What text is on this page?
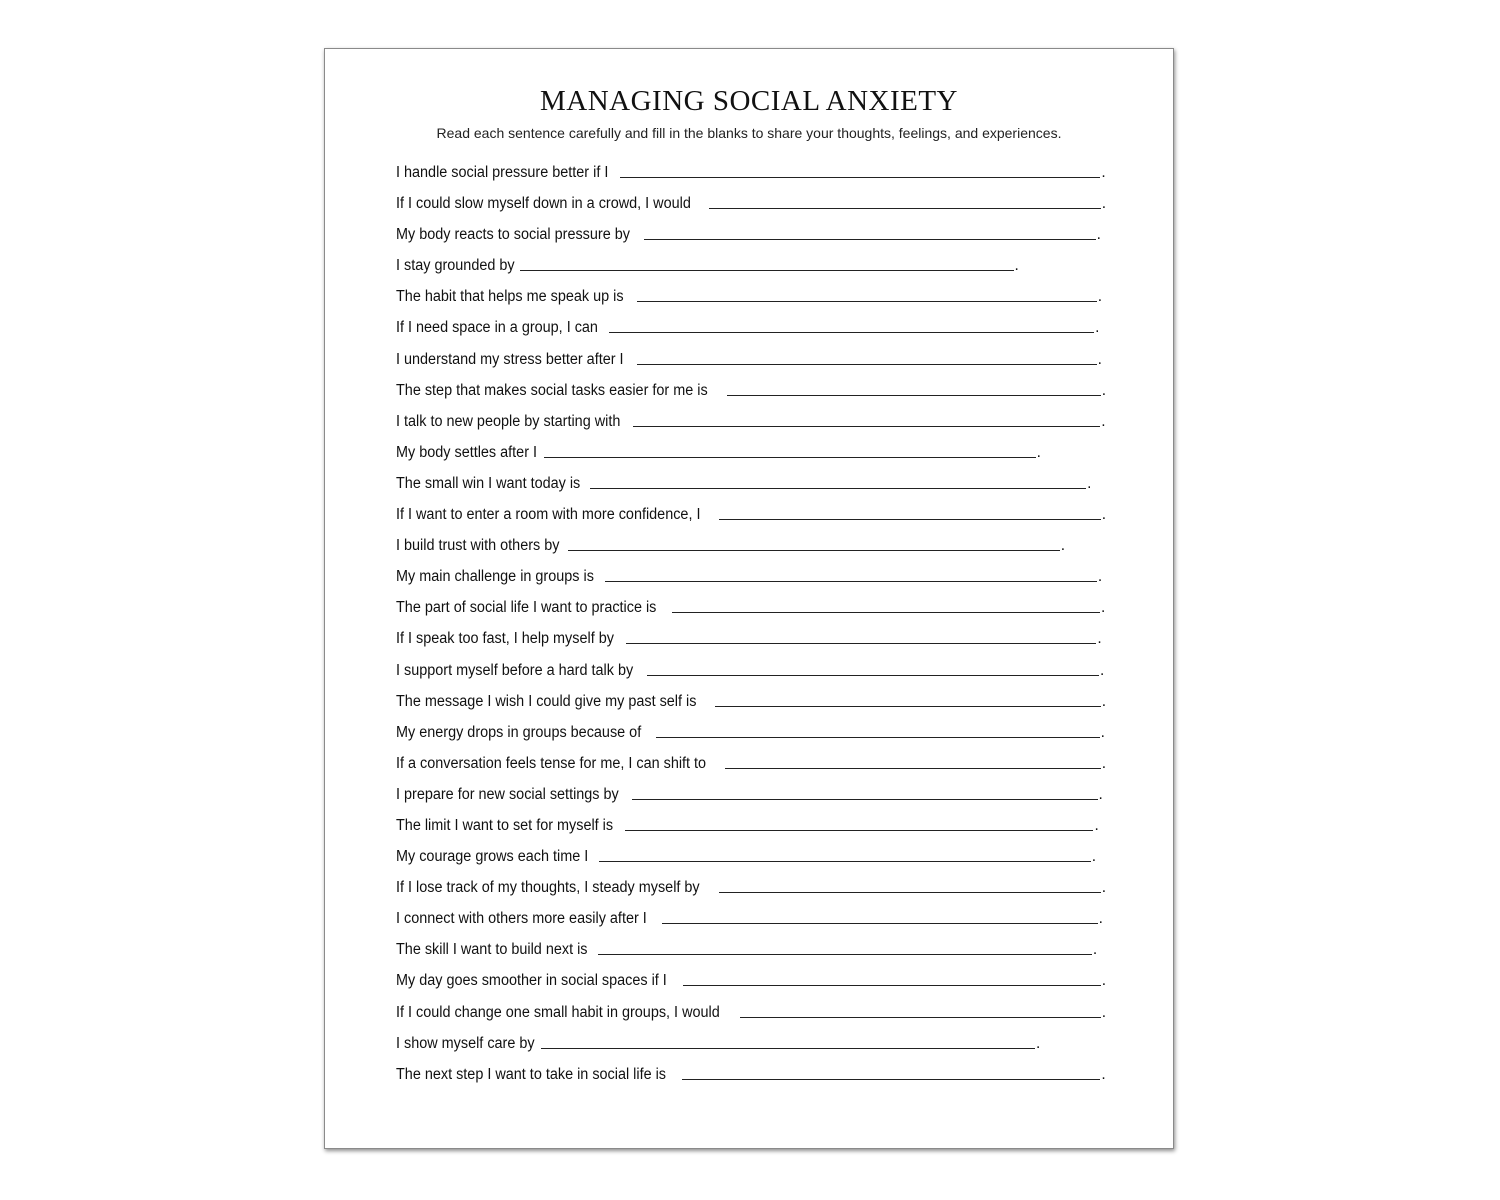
MANAGING SOCIAL ANXIETY

Read each sentence carefully and fill in the blanks to share your thoughts, feelings, and experiences.

I handle social pressure better if I	.
If I could slow myself down in a crowd, I would	.
My body reacts to social pressure by	.
I stay grounded by	.
The habit that helps me speak up is	.
If I need space in a group, I can	.
I understand my stress better after I	.
The step that makes social tasks easier for me is	.
I talk to new people by starting with	.
My body settles after I	.
The small win I want today is	.
If I want to enter a room with more confidence, I	.
I build trust with others by	.
My main challenge in groups is	.
The part of social life I want to practice is	.
If I speak too fast, I help myself by	.
I support myself before a hard talk by	.
The message I wish I could give my past self is	.
My energy drops in groups because of	.
If a conversation feels tense for me, I can shift to	.
I prepare for new social settings by	.
The limit I want to set for myself is	.
My courage grows each time I	.
If I lose track of my thoughts, I steady myself by	.
I connect with others more easily after I	.
The skill I want to build next is	.
My day goes smoother in social spaces if I	.
If I could change one small habit in groups, I would	.
I show myself care by	.
The next step I want to take in social life is	.
